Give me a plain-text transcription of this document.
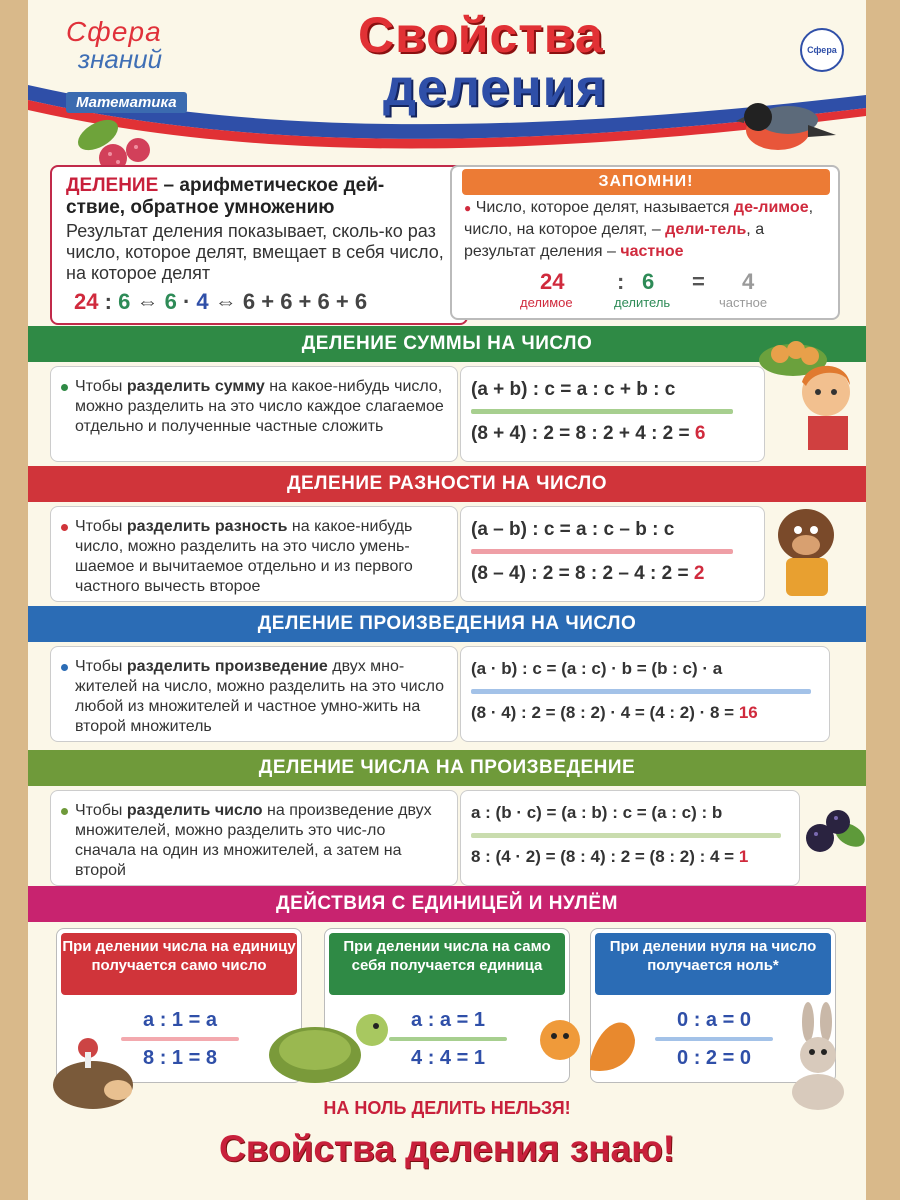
Сфера
знаний
Математика
Свойства
деления
Сфера
ДЕЛЕНИЕ – арифметическое дей-
ствие, обратное умножению
Результат деления показывает, сколь-ко раз число, которое делят, вмещает в себя число, на которое делят
24 : 6 ⇔ 6 · 4 ⇔ 6 + 6 + 6 + 6
ЗАПОМНИ!
● Число, которое делят, называется де-лимое, число, на которое делят, – дели-тель, а результат деления – частное
24 : 6 = 4
делимое	делитель	частное
ДЕЛЕНИЕ СУММЫ НА ЧИСЛО
Чтобы разделить сумму на какое-нибудь число, можно разделить на это число каждое слагаемое отдельно и полученные частные сложить
(a + b) : c = a : c + b : c
(8 + 4) : 2 = 8 : 2 + 4 : 2 = 6
ДЕЛЕНИЕ РАЗНОСТИ НА ЧИСЛО
Чтобы разделить разность на какое-нибудь число, можно разделить на это число умень-шаемое и вычитаемое отдельно и из первого частного вычесть второе
(a – b) : c = a : c – b : c
(8 – 4) : 2 = 8 : 2 – 4 : 2 = 2
ДЕЛЕНИЕ ПРОИЗВЕДЕНИЯ НА ЧИСЛО
Чтобы разделить произведение двух мно-жителей на число, можно разделить на это число любой из множителей и частное умно-жить на второй множитель
(a · b) : c = (a : c) · b = (b : c) · a
(8 · 4) : 2 = (8 : 2) · 4 = (4 : 2) · 8 = 16
ДЕЛЕНИЕ ЧИСЛА НА ПРОИЗВЕДЕНИЕ
Чтобы разделить число на произведение двух множителей, можно разделить это чис-ло сначала на один из множителей, а затем на второй
a : (b · c) = (a : b) : c = (a : c) : b
8 : (4 · 2) = (8 : 4) : 2 = (8 : 2) : 4 = 1
ДЕЙСТВИЯ С ЕДИНИЦЕЙ И НУЛЁМ
При делении числа на единицу получается само число
a : 1 = a
8 : 1 = 8
При делении числа на само себя получается единица
a : a = 1
4 : 4 = 1
При делении нуля на число получается ноль*
0 : a = 0
0 : 2 = 0
НА НОЛЬ ДЕЛИТЬ НЕЛЬЗЯ!
Свойства деления знаю!
